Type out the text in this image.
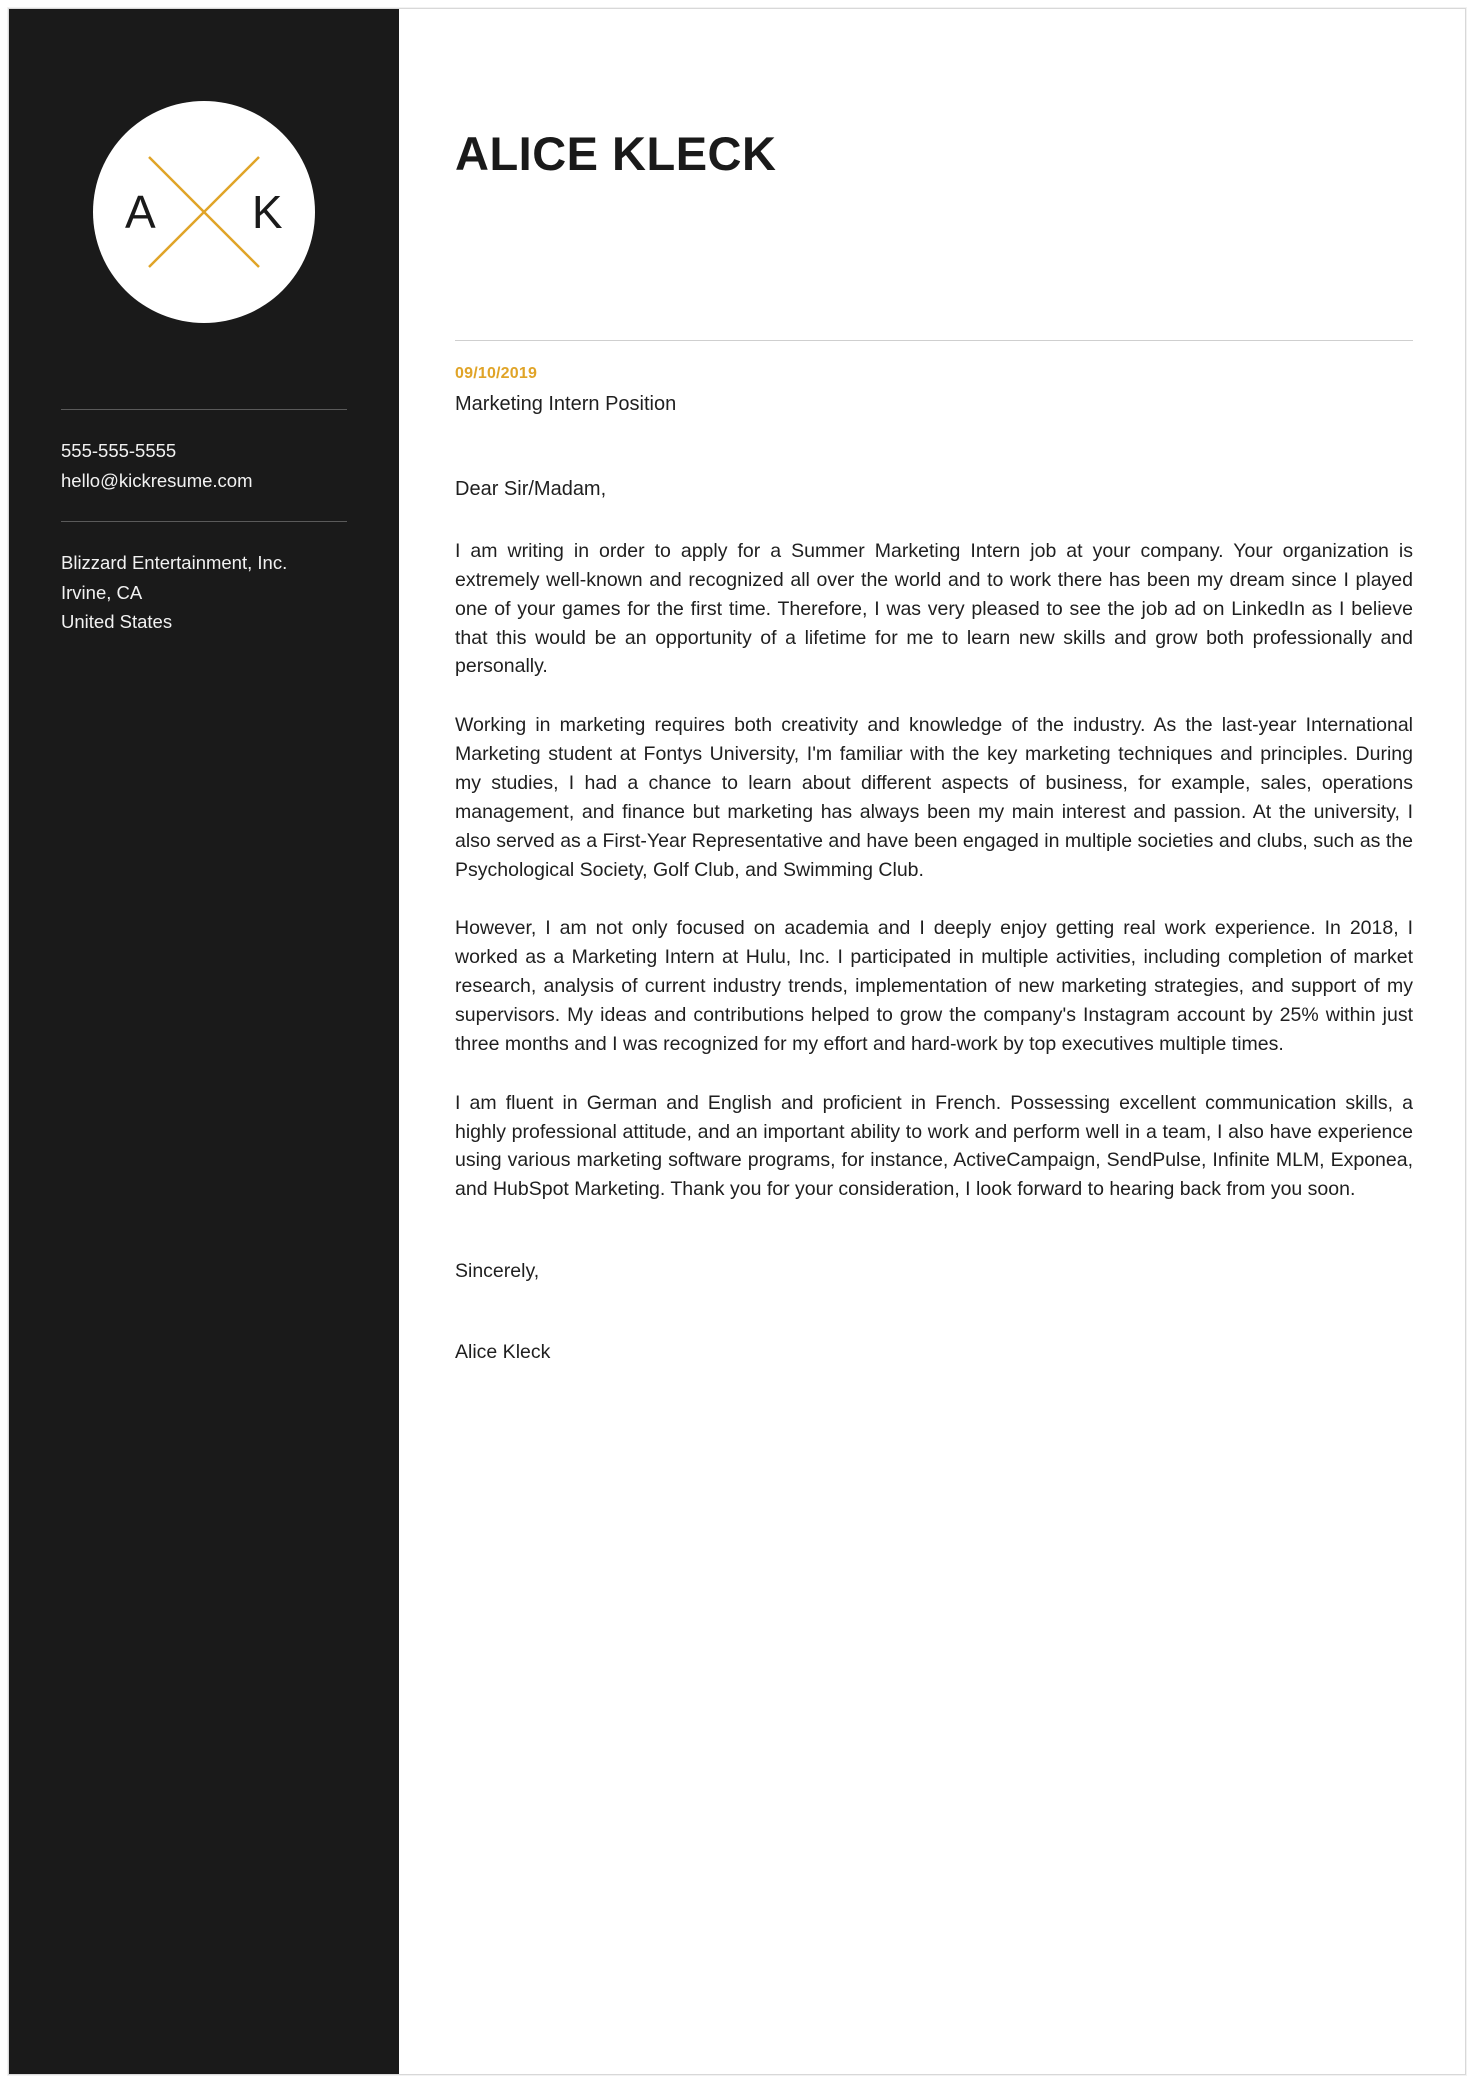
A K
555-555-5555
hello@kickresume.com
Blizzard Entertainment, Inc.
Irvine, CA
United States
ALICE KLECK
09/10/2019
Marketing Intern Position
Dear Sir/Madam,

I am writing in order to apply for a Summer Marketing Intern job at your company. Your organization is extremely well-known and recognized all over the world and to work there has been my dream since I played one of your games for the first time. Therefore, I was very pleased to see the job ad on LinkedIn as I believe that this would be an opportunity of a lifetime for me to learn new skills and grow both professionally and personally.

Working in marketing requires both creativity and knowledge of the industry. As the last-year International Marketing student at Fontys University, I'm familiar with the key marketing techniques and principles. During my studies, I had a chance to learn about different aspects of business, for example, sales, operations management, and finance but marketing has always been my main interest and passion. At the university, I also served as a First-Year Representative and have been engaged in multiple societies and clubs, such as the Psychological Society, Golf Club, and Swimming Club.

However, I am not only focused on academia and I deeply enjoy getting real work experience. In 2018, I worked as a Marketing Intern at Hulu, Inc. I participated in multiple activities, including completion of market research, analysis of current industry trends, implementation of new marketing strategies, and support of my supervisors. My ideas and contributions helped to grow the company's Instagram account by 25% within just three months and I was recognized for my effort and hard-work by top executives multiple times.

I am fluent in German and English and proficient in French. Possessing excellent communication skills, a highly professional attitude, and an important ability to work and perform well in a team, I also have experience using various marketing software programs, for instance, ActiveCampaign, SendPulse, Infinite MLM, Exponea, and HubSpot Marketing. Thank you for your consideration, I look forward to hearing back from you soon.

Sincerely,
Alice Kleck
